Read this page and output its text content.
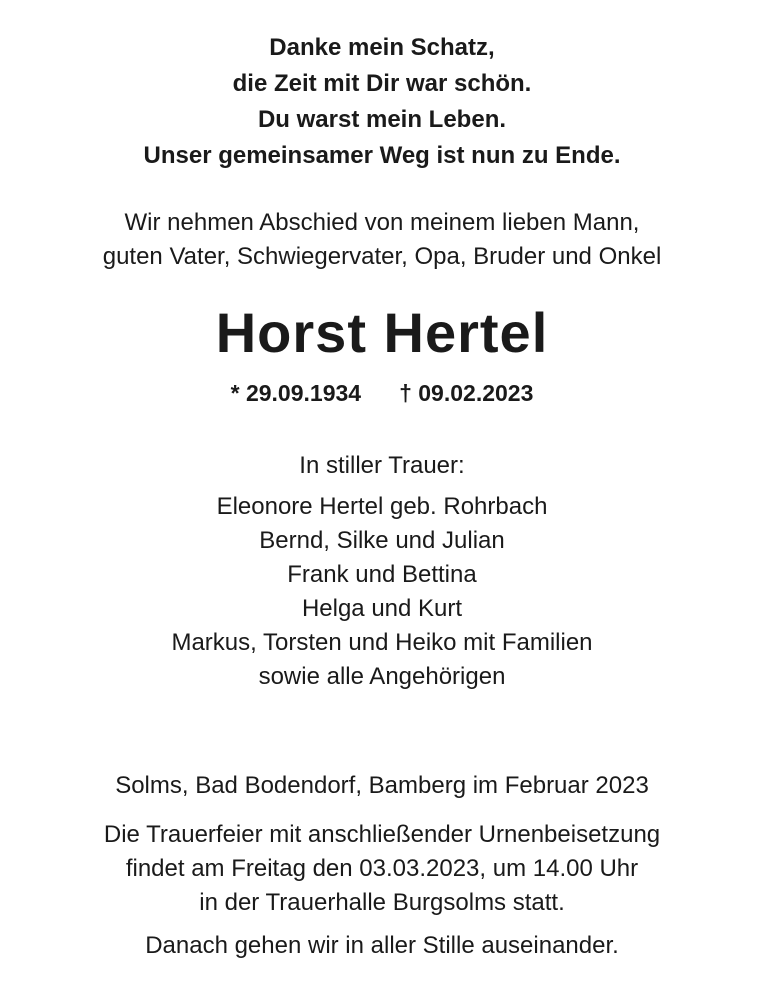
Danke mein Schatz,
die Zeit mit Dir war schön.
Du warst mein Leben.
Unser gemeinsamer Weg ist nun zu Ende.
Wir nehmen Abschied von meinem lieben Mann,
guten Vater, Schwiegervater, Opa, Bruder und Onkel
Horst Hertel
* 29.09.1934 † 09.02.2023
In stiller Trauer:
Eleonore Hertel geb. Rohrbach
Bernd, Silke und Julian
Frank und Bettina
Helga und Kurt
Markus, Torsten und Heiko mit Familien
sowie alle Angehörigen
Solms, Bad Bodendorf, Bamberg im Februar 2023
Die Trauerfeier mit anschließender Urnenbeisetzung
findet am Freitag den 03.03.2023, um 14.00 Uhr
in der Trauerhalle Burgsolms statt.
Danach gehen wir in aller Stille auseinander.
